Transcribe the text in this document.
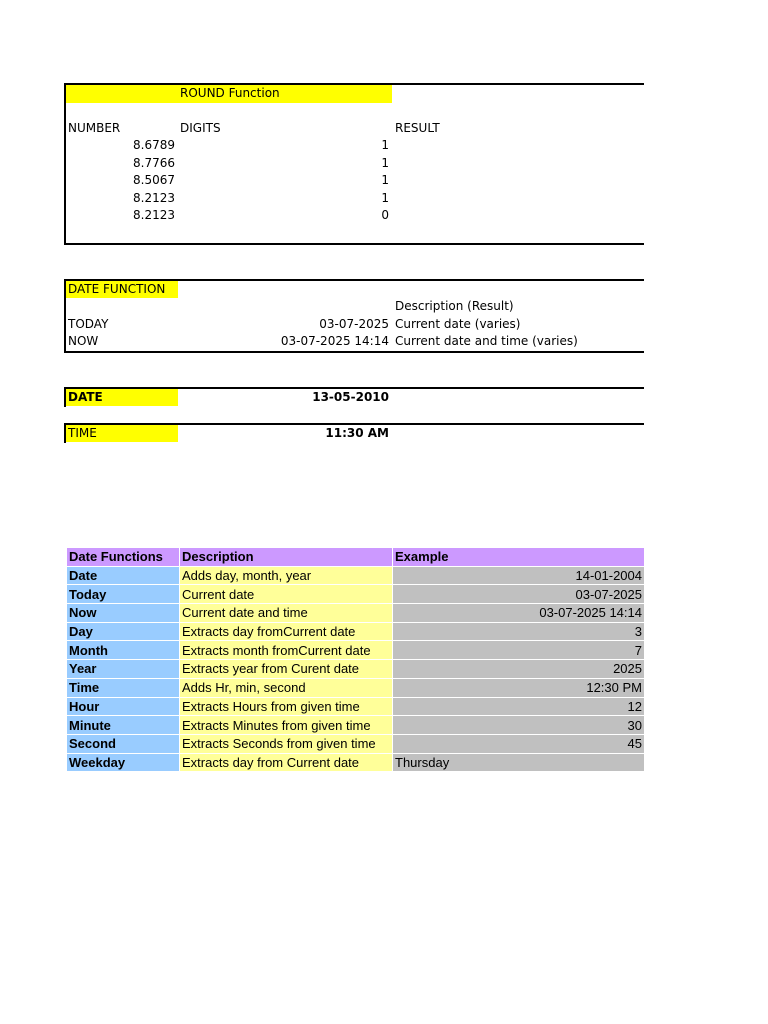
ROUND Function
NUMBER	DIGITS	RESULT
8.6789	1
8.7766	1
8.5067	1
8.2123	1
8.2123	0
DATE FUNCTION
Description (Result)
TODAY	03-07-2025 Current date (varies)
NOW	03-07-2025 14:14 Current date and time (varies)
DATE	13-05-2010
TIME	11:30 AM
Date Functions	Description	Example
Date	Adds day, month, year	14-01-2004
Today	Current date	03-07-2025
Now	Current date and time	03-07-2025 14:14
Day	Extracts day fromCurrent date	3
Month	Extracts month fromCurrent date	7
Year	Extracts year from Curent date	2025
Time	Adds Hr, min, second	12:30 PM
Hour	Extracts Hours from given time	12
Minute	Extracts Minutes from given time	30
Second	Extracts Seconds from given time	45
Weekday	Extracts day from Current date	Thursday
